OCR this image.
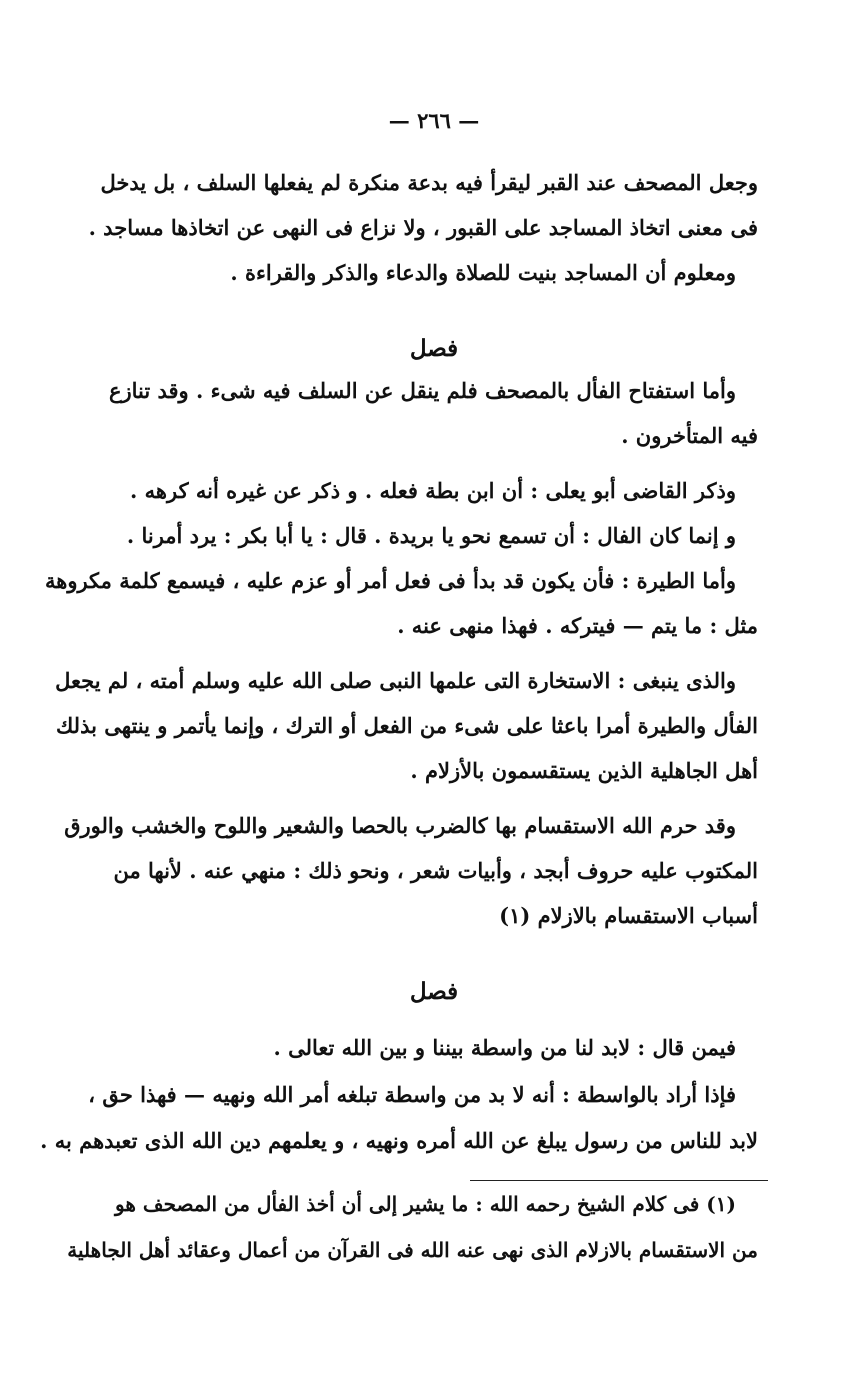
— ٢٦٦ —
وجعل المصحف عند القبر ليقرأ فيه بدعة منكرة لم يفعلها السلف ، بل يدخل
فى معنى اتخاذ المساجد على القبور ، ولا نزاع فى النهى عن اتخاذها مساجد .
ومعلوم أن المساجد بنيت للصلاة والدعاء والذكر والقراءة .
فصل
وأما استفتاح الفأل بالمصحف فلم ينقل عن السلف فيه شىء . وقد تنازع
فيه المتأخرون .
وذكر القاضى أبو يعلى : أن ابن بطة فعله . و ذكر عن غيره أنه كرهه .
و إنما كان الفال : أن تسمع نحو يا بريدة . قال : يا أبا بكر : يرد أمرنا .
وأما الطيرة : فأن يكون قد بدأ فى فعل أمر أو عزم عليه ، فيسمع كلمة مكروهة
مثل : ما يتم — فيتركه . فهذا منهى عنه .
والذى ينبغى : الاستخارة التى علمها النبى صلى الله عليه وسلم أمته ، لم يجعل
الفأل والطيرة أمرا باعثا على شىء من الفعل أو الترك ، وإنما يأتمر و ينتهى بذلك
أهل الجاهلية الذين يستقسمون بالأزلام .
وقد حرم الله الاستقسام بها كالضرب بالحصا والشعير واللوح والخشب والورق
المكتوب عليه حروف أبجد ، وأبيات شعر ، ونحو ذلك : منهي عنه . لأنها من
أسباب الاستقسام بالازلام (١)
فصل
فيمن قال : لابد لنا من واسطة بيننا و بين الله تعالى .
فإذا أراد بالواسطة : أنه لا بد من واسطة تبلغه أمر الله ونهيه — فهذا حق ،
لابد للناس من رسول يبلغ عن الله أمره ونهيه ، و يعلمهم دين الله الذى تعبدهم به .
(١) فى كلام الشيخ رحمه الله : ما يشير إلى أن أخذ الفأل من المصحف هو
من الاستقسام بالازلام الذى نهى عنه الله فى القرآن من أعمال وعقائد أهل الجاهلية
